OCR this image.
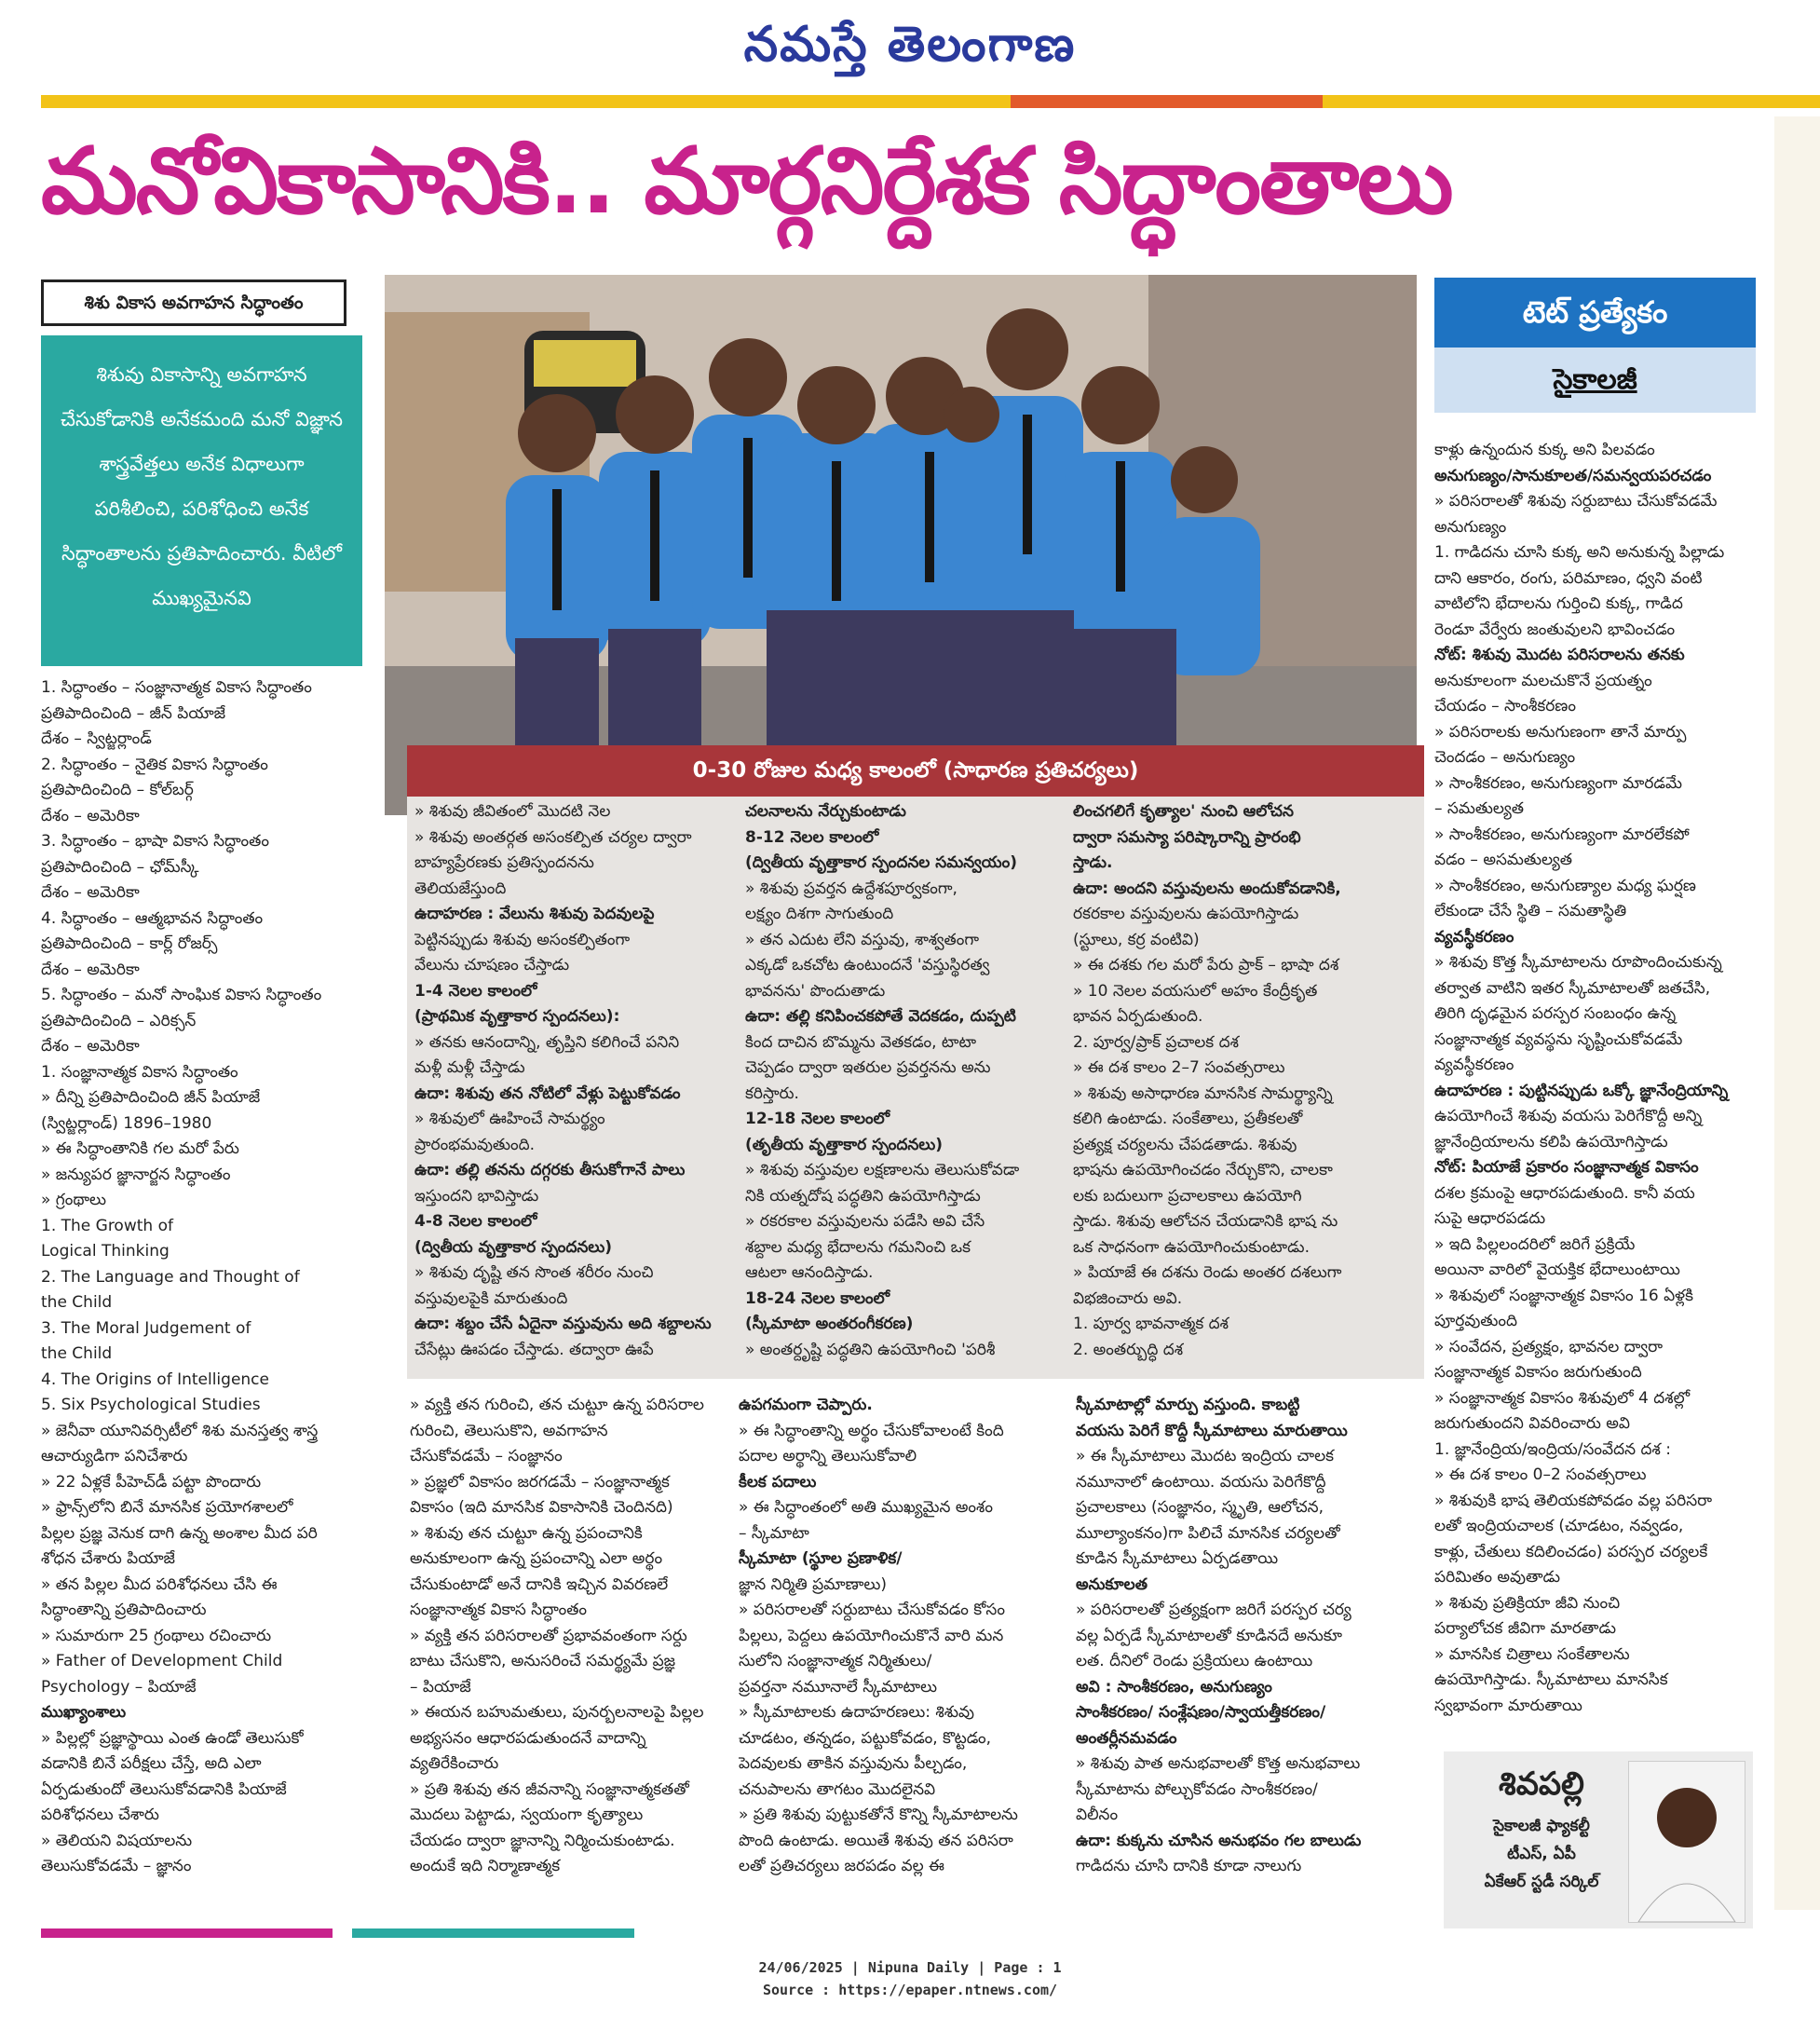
నమస్తే తెలంగాణ
మనోవికాసానికి.. మార్గనిర్దేశక సిద్ధాంతాలు
శిశు వికాస అవగాహన సిద్ధాంతం
శిశువు వికాసాన్ని అవగాహన చేసుకోడానికి అనేకమంది మనో విజ్ఞాన శాస్త్రవేత్తలు అనేక విధాలుగా పరిశీలించి, పరిశోధించి అనేక సిద్ధాంతాలను ప్రతిపాదించారు. వీటిలో ముఖ్యమైనవి
0-30 రోజుల మధ్య కాలంలో (సాధారణ ప్రతిచర్యలు)
» శిశువు జీవితంలో మొదటి నెల
» శిశువు అంతర్గత అసంకల్పిత చర్యల ద్వారా
బాహ్యప్రేరణకు ప్రతిస్పందనను
తెలియజేస్తుంది
ఉదాహరణ : వేలును శిశువు పెదవులపై
పెట్టినప్పుడు శిశువు అసంకల్పితంగా
వేలును చూషణం చేస్తాడు
1-4 నెలల కాలంలో
(ప్రాథమిక వృత్తాకార స్పందనలు):
» తనకు ఆనందాన్ని, తృప్తిని కలిగించే పనిని
మళ్లీ మళ్లీ చేస్తాడు
ఉదా: శిశువు తన నోటిలో వేళ్లు పెట్టుకోవడం
» శిశువులో ఊహించే సామర్థ్యం
ప్రారంభమవుతుంది.
ఉదా: తల్లి తనను దగ్గరకు తీసుకోగానే పాలు
ఇస్తుందని భావిస్తాడు
4-8 నెలల కాలంలో
(ద్వితీయ వృత్తాకార స్పందనలు)
» శిశువు దృష్టి తన సొంత శరీరం నుంచి
వస్తువులపైకి మారుతుంది
ఉదా: శబ్దం చేసే ఏదైనా వస్తువును అది శబ్దాలను
చేసేట్లు ఊపడం చేస్తాడు. తద్వారా ఊపే
చలనాలను నేర్చుకుంటాడు
8-12 నెలల కాలంలో
(ద్వితీయ వృత్తాకార స్పందనల సమన్వయం)
» శిశువు ప్రవర్తన ఉద్దేశపూర్వకంగా,
లక్ష్యం దిశగా సాగుతుంది
» తన ఎదుట లేని వస్తువు, శాశ్వతంగా
ఎక్కడో ఒకచోట ఉంటుందనే 'వస్తుస్థిరత్వ
భావనను' పొందుతాడు
ఉదా: తల్లి కనిపించకపోతే వెదకడం, దుప్పటి
కింద దాచిన బొమ్మను వెతకడం, టాటా
చెప్పడం ద్వారా ఇతరుల ప్రవర్తనను అను
కరిస్తారు.
12-18 నెలల కాలంలో
(తృతీయ వృత్తాకార స్పందనలు)
» శిశువు వస్తువుల లక్షణాలను తెలుసుకోవడా
నికి యత్నదోష పద్ధతిని ఉపయోగిస్తాడు
» రకరకాల వస్తువులను పడేసి అవి చేసే
శబ్దాల మధ్య భేదాలను గమనించి ఒక
ఆటలా ఆనందిస్తాడు.
18-24 నెలల కాలంలో
(స్కీమాటా అంతరంగీకరణ)
» అంతర్దృష్టి పద్ధతిని ఉపయోగించి 'పరిశీ
లించగలిగే కృత్యాల' నుంచి ఆలోచన
ద్వారా సమస్యా పరిష్కారాన్ని ప్రారంభి
స్తాడు.
ఉదా: అందని వస్తువులను అందుకోవడానికి,
రకరకాల వస్తువులను ఉపయోగిస్తాడు
(స్టూలు, కర్ర వంటివి)
» ఈ దశకు గల మరో పేరు ప్రాక్‌ – భాషా దశ
» 10 నెలల వయసులో అహం కేంద్రీకృత
భావన ఏర్పడుతుంది.
2. పూర్వ/ప్రాక్ ప్రచాలక దశ
» ఈ దశ కాలం 2–7 సంవత్సరాలు
» శిశువు అసాధారణ మానసిక సామర్థ్యాన్ని
కలిగి ఉంటాడు. సంకేతాలు, ప్రతీకలతో
ప్రత్యక్ష చర్యలను చేపడతాడు. శిశువు
భాషను ఉపయోగించడం నేర్చుకొని, చాలకా
లకు బదులుగా ప్రచాలకాలు ఉపయోగి
స్తాడు. శిశువు ఆలోచన చేయడానికి భాష ను
ఒక సాధనంగా ఉపయోగించుకుంటాడు.
» పియాజే ఈ దశను రెండు అంతర దశలుగా
విభజించారు అవి.
1. పూర్వ భావనాత్మక దశ
2. అంతర్బుద్ధి దశ
1. సిద్ధాంతం – సంజ్ఞానాత్మక వికాస సిద్ధాంతం
ప్రతిపాదించింది – జీన్ పియాజే
దేశం – స్విట్జర్లాండ్
2. సిద్ధాంతం – నైతిక వికాస సిద్ధాంతం
ప్రతిపాదించింది – కోల్‌బర్గ్
దేశం – అమెరికా
3. సిద్ధాంతం – భాషా వికాస సిద్ధాంతం
ప్రతిపాదించింది – ఛోమ్‌స్కీ
దేశం – అమెరికా
4. సిద్ధాంతం – ఆత్మభావన సిద్ధాంతం
ప్రతిపాదించింది – కార్ల్ రోజర్స్
దేశం – అమెరికా
5. సిద్ధాంతం – మనో సాంఘిక వికాస సిద్ధాంతం
ప్రతిపాదించింది – ఎరిక్సన్
దేశం – అమెరికా
1. సంజ్ఞానాత్మక వికాస సిద్ధాంతం
» దీన్ని ప్రతిపాదించింది జీన్ పియాజే
(స్విట్జర్లాండ్) 1896–1980
» ఈ సిద్ధాంతానికి గల మరో పేరు
» జన్యుపర జ్ఞానార్జన సిద్ధాంతం
» గ్రంథాలు
1. The Growth of
Logical Thinking
2. The Language and Thought of
the Child
3. The Moral Judgement of
the Child
4. The Origins of Intelligence
5. Six Psychological Studies
» జెనీవా యూనివర్సిటీలో శిశు మనస్తత్వ శాస్త్ర
ఆచార్యుడిగా పనిచేశారు
» 22 ఏళ్లకే పీహెచ్‌డీ పట్టా పొందారు
» ఫ్రాన్స్‌లోని బినే మానసిక ప్రయోగశాలలో
పిల్లల ప్రజ్ఞ వెనుక దాగి ఉన్న అంశాల మీద పరి
శోధన చేశారు పియాజే
» తన పిల్లల మీద పరిశోధనలు చేసి ఈ
సిద్ధాంతాన్ని ప్రతిపాదించారు
» సుమారుగా 25 గ్రంథాలు రచించారు
» Father of Development Child
Psychology – పియాజే
ముఖ్యాంశాలు
» పిల్లల్లో ప్రజ్ఞాస్థాయి ఎంత ఉండో తెలుసుకో
వడానికి బినే పరీక్షలు చేస్తే, అది ఎలా
ఏర్పడుతుందో తెలుసుకోవడానికి పియాజే
పరిశోధనలు చేశారు
» తెలియని విషయాలను
తెలుసుకోవడమే – జ్ఞానం
» వ్యక్తి తన గురించి, తన చుట్టూ ఉన్న పరిసరాల
గురించి, తెలుసుకొని, అవగాహన
చేసుకోవడమే – సంజ్ఞానం
» ప్రజ్ఞలో వికాసం జరగడమే – సంజ్ఞానాత్మక
వికాసం (ఇది మానసిక వికాసానికి చెందినది)
» శిశువు తన చుట్టూ ఉన్న ప్రపంచానికి
అనుకూలంగా ఉన్న ప్రపంచాన్ని ఎలా అర్థం
చేసుకుంటాడో అనే దానికి ఇచ్చిన వివరణలే
సంజ్ఞానాత్మక వికాస సిద్ధాంతం
» వ్యక్తి తన పరిసరాలతో ప్రభావవంతంగా సర్దు
బాటు చేసుకొని, అనుసరించే సమర్థ్యమే ప్రజ్ఞ
– పియాజే
» ఈయన బహుమతులు, పునర్బలనాలపై పిల్లల
అభ్యసనం ఆధారపడుతుందనే వాదాన్ని
వ్యతిరేకించారు
» ప్రతి శిశువు తన జీవనాన్ని సంజ్ఞానాత్మకతతో
మొదలు పెట్టాడు, స్వయంగా కృత్యాలు
చేయడం ద్వారా జ్ఞానాన్ని నిర్మించుకుంటాడు.
అందుకే ఇది నిర్మాణాత్మక
ఉపగమంగా చెప్పారు.
» ఈ సిద్ధాంతాన్ని అర్థం చేసుకోవాలంటే కింది
పదాల అర్థాన్ని తెలుసుకోవాలి
కీలక పదాలు
» ఈ సిద్ధాంతంలో అతి ముఖ్యమైన అంశం
– స్కీమాటా
స్కీమాటా (స్థూల ప్రణాళిక/
జ్ఞాన నిర్మితి ప్రమాణాలు)
» పరిసరాలతో సర్దుబాటు చేసుకోవడం కోసం
పిల్లలు, పెద్దలు ఉపయోగించుకొనే వారి మన
సులోని సంజ్ఞానాత్మక నిర్మితులు/
ప్రవర్తనా నమూనాలే స్కీమాటాలు
» స్కీమాటాలకు ఉదాహరణలు: శిశువు
చూడటం, తన్నడం, పట్టుకోవడం, కొట్టడం,
పెదవులకు తాకిన వస్తువును పీల్చడం,
చనుపాలను తాగటం మొదలైనవి
» ప్రతి శిశువు పుట్టుకతోనే కొన్ని స్కీమాటాలను
పొంది ఉంటాడు. అయితే శిశువు తన పరిసరా
లతో ప్రతిచర్యలు జరపడం వల్ల ఈ
స్కీమాటాల్లో మార్పు వస్తుంది. కాబట్టి
వయసు పెరిగే కొద్దీ స్కీమాటాలు మారుతాయి
» ఈ స్కీమాటాలు మొదట ఇంద్రియ చాలక
నమూనాలో ఉంటాయి. వయసు పెరిగేకొద్దీ
ప్రచాలకాలు (సంజ్ఞానం, స్మృతి, ఆలోచన,
మూల్యాంకనం)గా పిలిచే మానసిక చర్యలతో
కూడిన స్కీమాటాలు ఏర్పడతాయి
అనుకూలత
» పరిసరాలతో ప్రత్యక్షంగా జరిగే పరస్పర చర్య
వల్ల ఏర్పడే స్కీమాటాలతో కూడినదే అనుకూ
లత. దీనిలో రెండు ప్రక్రియలు ఉంటాయి
అవి : సాంశీకరణం, అనుగుణ్యం
సాంశీకరణం/ సంశ్లేషణం/స్వాయత్తీకరణం/
అంతర్లీనమవడం
» శిశువు పాత అనుభవాలతో కొత్త అనుభవాలు
స్కీమాటాను పోల్చుకోవడం సాంశీకరణం/
విలీనం
ఉదా: కుక్కను చూసిన అనుభవం గల బాలుడు
గాడిదను చూసి దానికి కూడా నాలుగు
టెట్ ప్రత్యేకం
సైకాలజీ
కాళ్లు ఉన్నందున కుక్క అని పిలవడం
అనుగుణ్యం/సానుకూలత/సమన్వయపరచడం
» పరిసరాలతో శిశువు సర్దుబాటు చేసుకోవడమే
అనుగుణ్యం
1. గాడిదను చూసి కుక్క అని అనుకున్న పిల్లాడు
దాని ఆకారం, రంగు, పరిమాణం, ధ్వని వంటి
వాటిలోని భేదాలను గుర్తించి కుక్క, గాడిద
రెండూ వేర్వేరు జంతువులని భావించడం
నోట్: శిశువు మొదట పరిసరాలను తనకు
అనుకూలంగా మలచుకొనే ప్రయత్నం
చేయడం – సాంశీకరణం
» పరిసరాలకు అనుగుణంగా తానే మార్పు
చెందడం – అనుగుణ్యం
» సాంశీకరణం, అనుగుణ్యంగా మారడమే
– సమతుల్యత
» సాంశీకరణం, అనుగుణ్యంగా మారలేకపో
వడం – అసమతుల్యత
» సాంశీకరణం, అనుగుణ్యాల మధ్య ఘర్షణ
లేకుండా చేసే స్థితి – సమతాస్థితి
వ్యవస్థీకరణం
» శిశువు కొత్త స్కీమాటాలను రూపొందించుకున్న
తర్వాత వాటిని ఇతర స్కీమాటాలతో జతచేసి,
తిరిగి దృఢమైన పరస్పర సంబంధం ఉన్న
సంజ్ఞానాత్మక వ్యవస్థను సృష్టించుకోవడమే
వ్యవస్థీకరణం
ఉదాహరణ : పుట్టినప్పుడు ఒక్కో జ్ఞానేంద్రియాన్ని
ఉపయోగించే శిశువు వయసు పెరిగేకొద్దీ అన్ని
జ్ఞానేంద్రియాలను కలిపి ఉపయోగిస్తాడు
నోట్: పియాజే ప్రకారం సంజ్ఞానాత్మక వికాసం
దశల క్రమంపై ఆధారపడుతుంది. కానీ వయ
సుపై ఆధారపడదు
» ఇది పిల్లలందరిలో జరిగే ప్రక్రియే
అయినా వారిలో వైయక్తిక భేదాలుంటాయి
» శిశువులో సంజ్ఞానాత్మక వికాసం 16 ఏళ్లకి
పూర్తవుతుంది
» సంవేదన, ప్రత్యక్షం, భావనల ద్వారా
సంజ్ఞానాత్మక వికాసం జరుగుతుంది
» సంజ్ఞానాత్మక వికాసం శిశువులో 4 దశల్లో
జరుగుతుందని వివరించారు అవి
1. జ్ఞానేంద్రియ/ఇంద్రియ/సంవేదన దశ :
» ఈ దశ కాలం 0–2 సంవత్సరాలు
» శిశువుకి భాష తెలియకపోవడం వల్ల పరిసరా
లతో ఇంద్రియచాలక (చూడటం, నవ్వడం,
కాళ్లు, చేతులు కదిలించడం) పరస్పర చర్యలకే
పరిమితం అవుతాడు
» శిశువు ప్రతిక్రియా జీవి నుంచి
పర్యాలోచక జీవిగా మారతాడు
» మానసిక చిత్రాలు సంకేతాలను
ఉపయోగిస్తాడు. స్కీమాటాలు మానసిక
స్వభావంగా మారుతాయి
శివపల్లి
సైకాలజీ ఫ్యాకల్టీ
టీఎస్, ఏపీ
ఏకేఆర్ స్టడీ సర్కిల్
24/06/2025 | Nipuna Daily | Page : 1
Source : https://epaper.ntnews.com/
